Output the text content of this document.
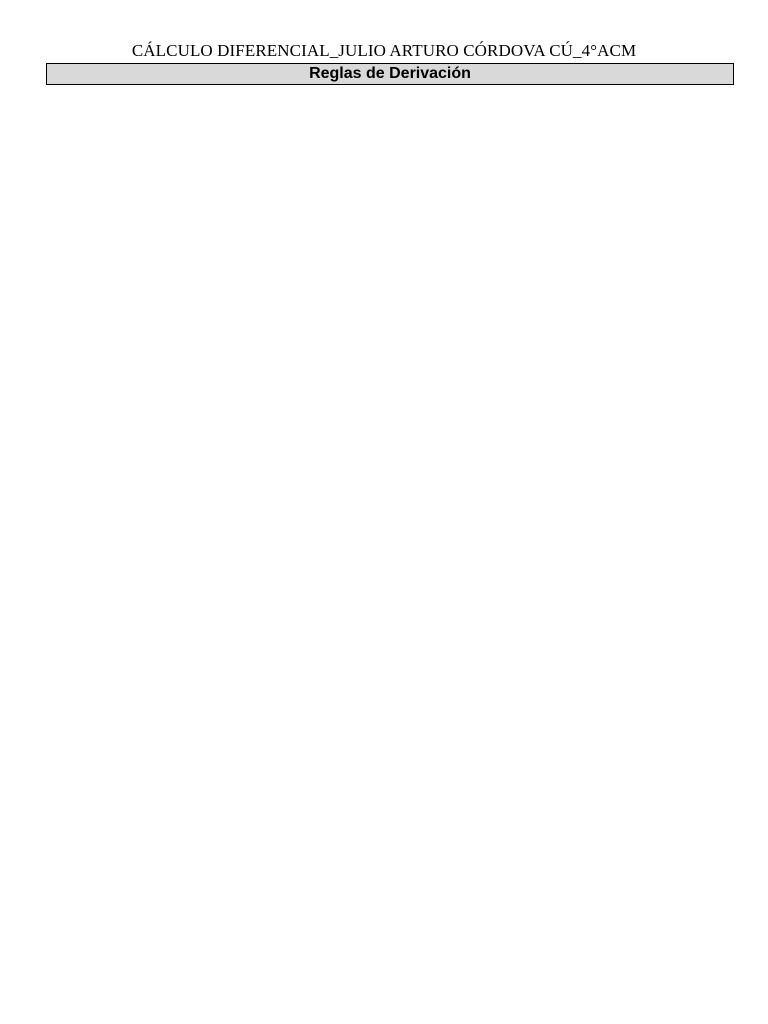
CÁLCULO DIFERENCIAL_JULIO ARTURO CÓRDOVA CÚ_4°ACM
Reglas de Derivación
